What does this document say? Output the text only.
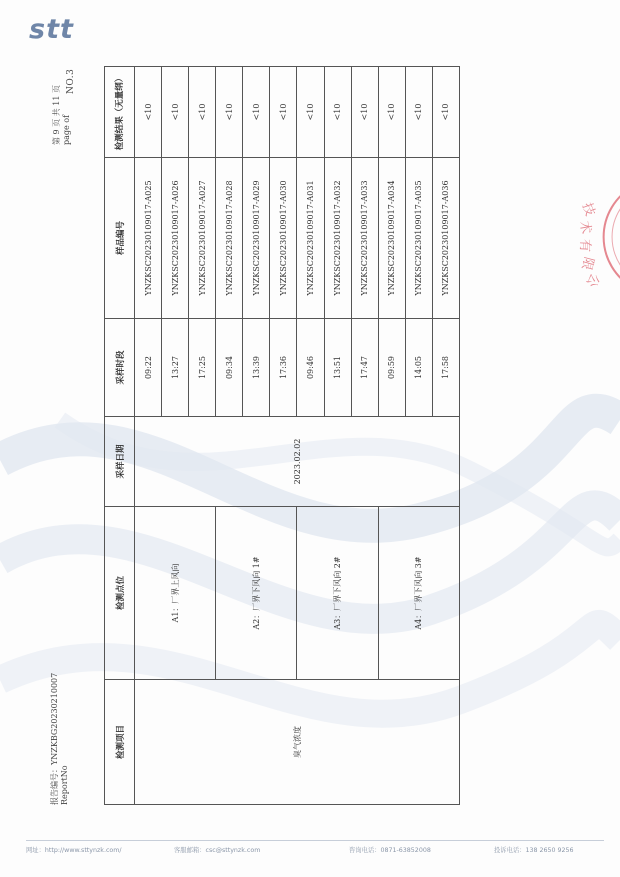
stt
报告编号：YNZKBG20230210007
ReportNo
第 9 页 共 11 页 page of
NO.3
检测项目	检测点位	采样日期	采样时段	样品编号	检测结果（无量纲）
臭气浓度	A1：厂界上风向	2023.02.02	09:22	YNZKSC20230109017-A025	<10
			13:27	YNZKSC20230109017-A026	<10
			17:25	YNZKSC20230109017-A027	<10
	A2：厂界下风向 1#		09:34	YNZKSC20230109017-A028	<10
			13:39	YNZKSC20230109017-A029	<10
			17:36	YNZKSC20230109017-A030	<10
	A3：厂界下风向 2#		09:46	YNZKSC20230109017-A031	<10
			13:51	YNZKSC20230109017-A032	<10
			17:47	YNZKSC20230109017-A033	<10
	A4：厂界下风向 3#		09:59	YNZKSC20230109017-A034	<10
			14:05	YNZKSC20230109017-A035	<10
			17:58	YNZKSC20230109017-A036	<10
技
术
有
限
公
网址：http://www.sttynzk.com/	客服邮箱：csc@sttynzk.com	咨询电话：0871-63852008	投诉电话：138 2650 9256
